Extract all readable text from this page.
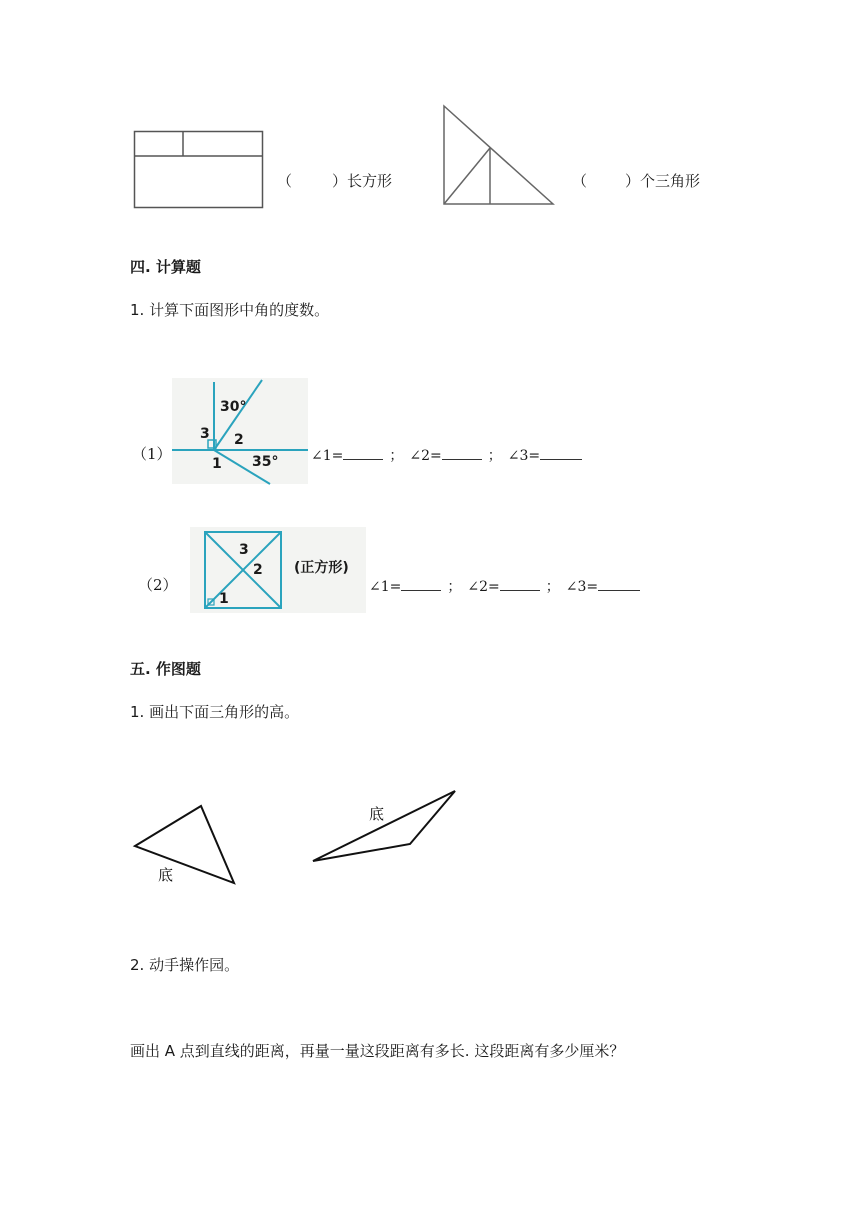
（	）长方形	（	）个三角形
四. 计算题
1. 计算下面图形中角的度数。
（1）
30°
3 2
1 35° ∠1=	； ∠2=	； ∠3=
（2）
3
2
1
(正方形)
∠1=	； ∠2=	； ∠3=
五. 作图题
1. 画出下面三角形的高。
底
底
2. 动手操作园。
画出 A 点到直线的距离，再量一量这段距离有多长. 这段距离有多少厘米？
